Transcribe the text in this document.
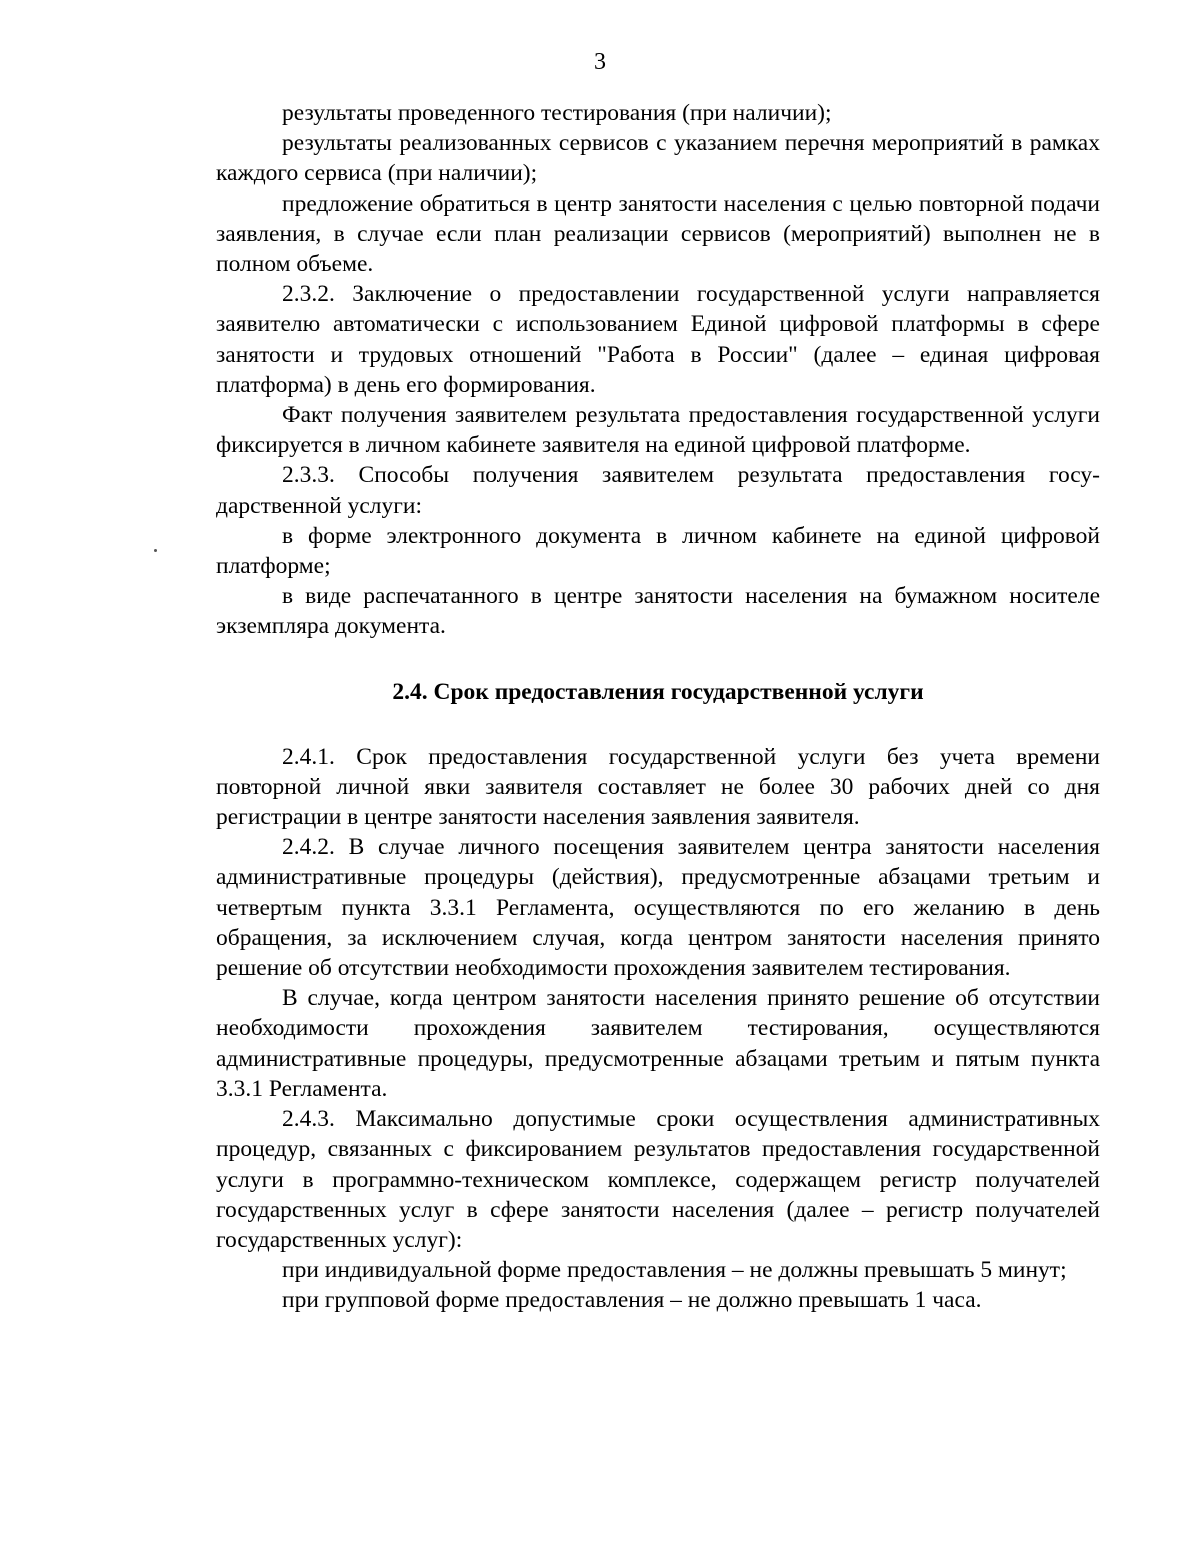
3

результаты проведенного тестирования (при наличии);

результаты реализованных сервисов с указанием перечня мероприятий в рамках каждого сервиса (при наличии);

предложение обратиться в центр занятости населения с целью повторной подачи заявления, в случае если план реализации сервисов (мероприятий) выполнен не в полном объеме.

2.3.2. Заключение о предоставлении государственной услуги направляется заявителю автоматически с использованием Единой цифровой платформы в сфере занятости и трудовых отношений "Работа в России" (далее – единая цифровая платформа) в день его формирования.

Факт получения заявителем результата предоставления государственной услуги фиксируется в личном кабинете заявителя на единой цифровой платформе.

2.3.3. Способы получения заявителем результата предоставления государственной услуги:

в форме электронного документа в личном кабинете на единой цифровой платформе;

в виде распечатанного в центре занятости населения на бумажном носителе экземпляра документа.

2.4. Срок предоставления государственной услуги

2.4.1. Срок предоставления государственной услуги без учета времени повторной личной явки заявителя составляет не более 30 рабочих дней со дня регистрации в центре занятости населения заявления заявителя.

2.4.2. В случае личного посещения заявителем центра занятости населения административные процедуры (действия), предусмотренные абзацами третьим и четвертым пункта 3.3.1 Регламента, осуществляются по его желанию в день обращения, за исключением случая, когда центром занятости населения принято решение об отсутствии необходимости прохождения заявителем тестирования.

В случае, когда центром занятости населения принято решение об отсутствии необходимости прохождения заявителем тестирования, осуществляются административные процедуры, предусмотренные абзацами третьим и пятым пункта 3.3.1 Регламента.

2.4.3. Максимально допустимые сроки осуществления административных процедур, связанных с фиксированием результатов предоставления государственной услуги в программно-техническом комплексе, содержащем регистр получателей государственных услуг в сфере занятости населения (далее – регистр получателей государственных услуг):

при индивидуальной форме предоставления – не должны превышать 5 минут;

при групповой форме предоставления – не должно превышать 1 часа.
